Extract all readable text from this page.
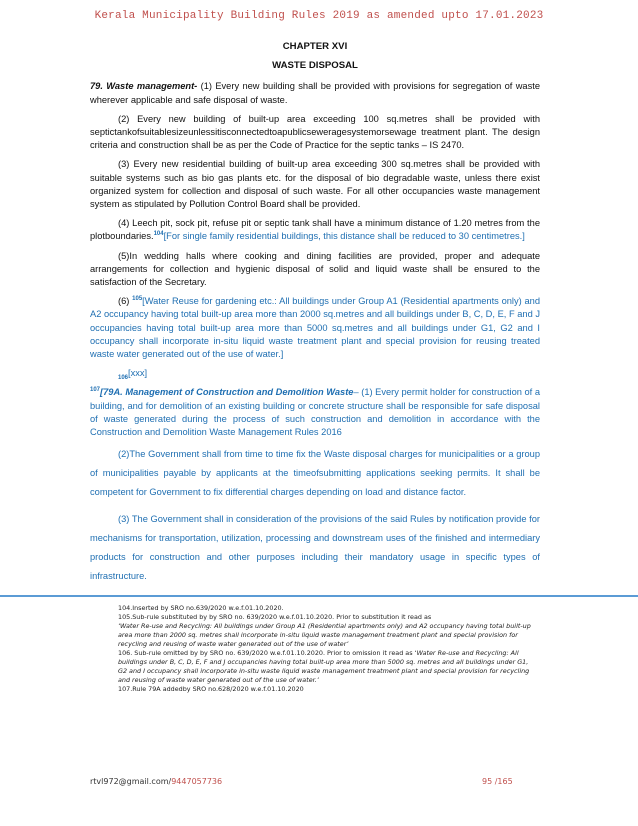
Kerala Municipality Building Rules 2019 as amended upto 17.01.2023
CHAPTER XVI
WASTE DISPOSAL

79. Waste management- (1) Every new building shall be provided with provisions for segregation of waste wherever applicable and safe disposal of waste.

(2) Every new building of built-up area exceeding 100 sq.metres shall be provided with septictankofsuitablesizeunlessitisconnectedtoapublicseweragesystemorsewage treatment plant. The design criteria and construction shall be as per the Code of Practice for the septic tanks – IS 2470.

(3) Every new residential building of built-up area exceeding 300 sq.metres shall be provided with suitable systems such as bio gas plants etc. for the disposal of bio degradable waste, unless there exist organized system for collection and disposal of such waste. For all other occupancies waste management system as stipulated by Pollution Control Board shall be provided.

(4) Leech pit, sock pit, refuse pit or septic tank shall have a minimum distance of 1.20 metres from the plotboundaries.$^{104}$[For single family residential buildings, this distance shall be reduced to 30 centimetres.]

(5)In wedding halls where cooking and dining facilities are provided, proper and adequate arrangements for collection and hygienic disposal of solid and liquid waste shall be ensured to the satisfaction of the Secretary.

(6) $^{105}$[Water Reuse for gardening etc.: All buildings under Group A1 (Residential apartments only) and A2 occupancy having total built-up area more than 2000 sq.metres and all buildings under B, C, D, E, F and J occupancies having total built-up area more than 5000 sq.metres and all buildings under G1, G2 and I occupancy shall incorporate in-situ liquid waste treatment plant and special provision for reusing treated waste water generated out of the use of water.]

$_{106}$[xxx]

$^{107}$[79A. Management of Construction and Demolition Waste– (1) Every permit holder for construction of a building, and for demolition of an existing building or concrete structure shall be responsible for safe disposal of waste generated during the process of such construction and demolition in accordance with the Construction and Demolition Waste Management Rules 2016

(2)The Government shall from time to time fix the Waste disposal charges for municipalities or a group of municipalities payable by applicants at the timeofsubmitting applications seeking permits. It shall be competent for Government to fix differential charges depending on load and distance factor.

(3) The Government shall in consideration of the provisions of the said Rules by notification provide for mechanisms for transportation, utilization, processing and downstream uses of the finished and intermediary products for construction and other purposes including their mandatory usage in specific types of infrastructure.

104.Inserted by SRO no.639/2020 w.e.f.01.10.2020.
105.Sub-rule substituted by by SRO no. 639/2020 w.e.f.01.10.2020. Prior to substitution it read as
‘Water Re-use and Recycling: All buildings under Group A1 (Residential apartments only) and A2 occupancy having total built-up area more than 2000 sq. metres shall incorporate in-situ liquid waste management treatment plant and special provision for recycling and reusing of waste water generated out of the use of water’
106. Sub-rule omitted by by SRO no. 639/2020 w.e.f.01.10.2020. Prior to omission it read as ‘Water Re-use and Recycling: All buildings under B, C, D, E, F and J occupancies having total built-up area more than 5000 sq. metres and all buildings under G1, G2 and I occupancy shall incorporate in-situ waste liquid waste management treatment plant and special provision for recycling and reusing of waste water generated out of the use of water.’
107.Rule 79A addedby SRO no.628/2020 w.e.f.01.10.2020
rtvl972@gmail.com/9447057736	95 /165
